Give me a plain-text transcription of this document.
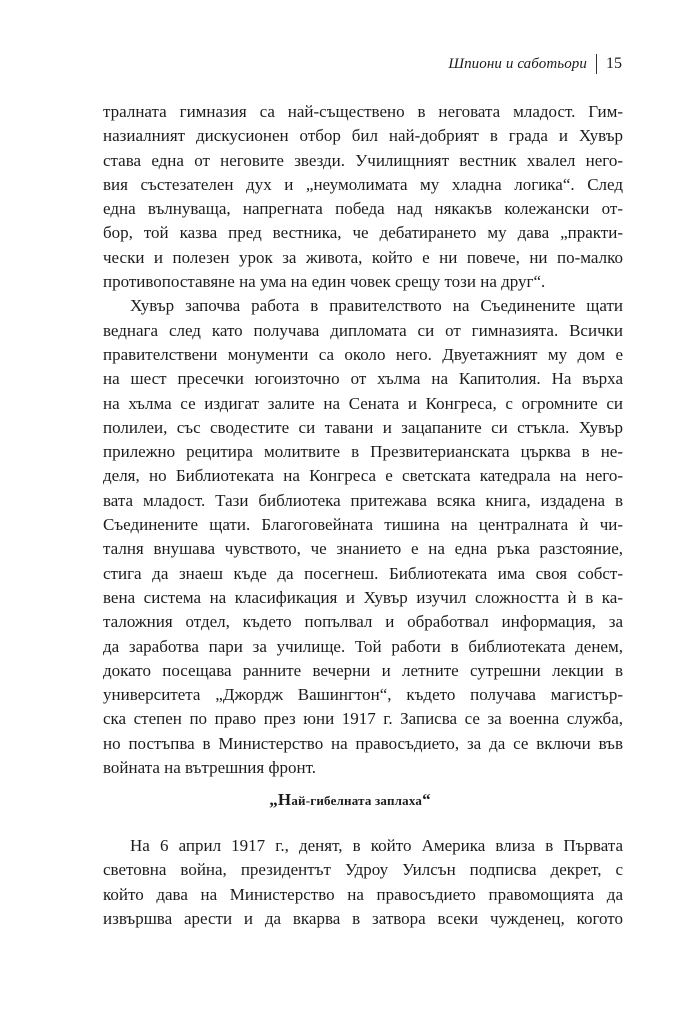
Шпиони и саботьори 15
тралната гимназия са най-съществено в неговата младост. Гим-
назиалният дискусионен отбор бил най-добрият в града и Хувър
става една от неговите звезди. Училищният вестник хвалел него-
вия състезателен дух и „неумолимата му хладна логика“. След
една вълнуваща, напрегната победа над някакъв колежански от-
бор, той казва пред вестника, че дебатирането му дава „практи-
чески и полезен урок за живота, който е ни повече, ни по-малко
противопоставяне на ума на един човек срещу този на друг“.
Хувър започва работа в правителството на Съединените щати
веднага след като получава дипломата си от гимназията. Всички
правителствени монументи са около него. Двуетажният му дом е
на шест пресечки югоизточно от хълма на Капитолия. На върха
на хълма се издигат залите на Сената и Конгреса, с огромните си
полилеи, със сводестите си тавани и зацапаните си стъкла. Хувър
прилежно рецитира молитвите в Презвитерианската църква в не-
деля, но Библиотеката на Конгреса е светската катедрала на него-
вата младост. Тази библиотека притежава всяка книга, издадена в
Съединените щати. Благоговейната тишина на централната ѝ чи-
талня внушава чувството, че знанието е на една ръка разстояние,
стига да знаеш къде да посегнеш. Библиотеката има своя собст-
вена система на класификация и Хувър изучил сложността ѝ в ка-
таложния отдел, където попълвал и обработвал информация, за
да заработва пари за училище. Той работи в библиотеката денем,
докато посещава ранните вечерни и летните сутрешни лекции в
университета „Джордж Вашингтон“, където получава магистър-
ска степен по право през юни 1917 г. Записва се за военна служба,
но постъпва в Министерство на правосъдието, за да се включи във
войната на вътрешния фронт.
„Най-гибелната заплаха“
На 6 април 1917 г., денят, в който Америка влиза в Първата
световна война, президентът Удроу Уилсън подписва декрет, с
който дава на Министерство на правосъдието правомощията да
извършва арести и да вкарва в затвора всеки чужденец, когото
